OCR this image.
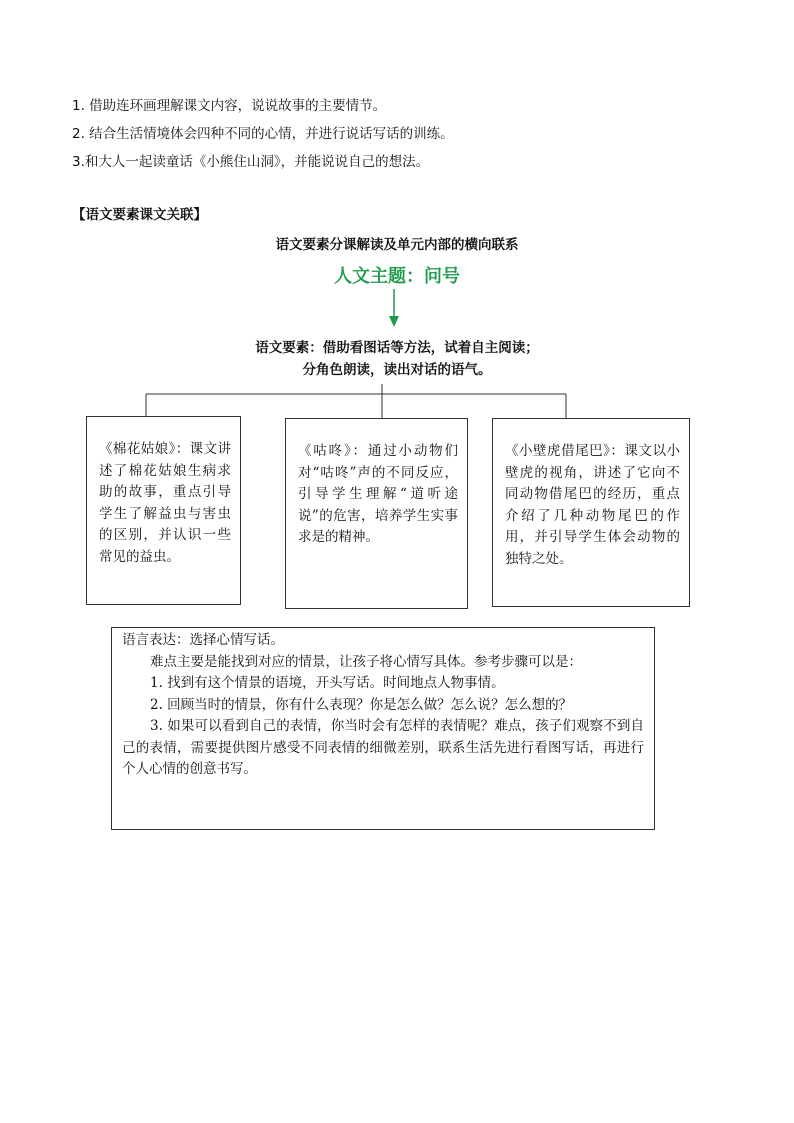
1. 借助连环画理解课文内容，说说故事的主要情节。
2. 结合生活情境体会四种不同的心情，并进行说话写话的训练。
3.和大人一起读童话《小熊住山洞》，并能说说自己的想法。
【语文要素课文关联】
语文要素分课解读及单元内部的横向联系
人文主题：问号
语文要素：借助看图话等方法，试着自主阅读；
分角色朗读，读出对话的语气。
《棉花姑娘》：课文讲述了棉花姑娘生病求助的故事，重点引导学生了解益虫与害虫的区别，并认识一些常见的益虫。
《咕咚》：通过小动物们对“咕咚”声的不同反应，引导学生理解“道听途说”的危害，培养学生实事求是的精神。
《小壁虎借尾巴》：课文以小壁虎的视角，讲述了它向不同动物借尾巴的经历，重点介绍了几种动物尾巴的作用，并引导学生体会动物的独特之处。

语言表达：选择心情写话。

难点主要是能找到对应的情景，让孩子将心情写具体。参考步骤可以是：

1. 找到有这个情景的语境，开头写话。时间地点人物事情。

2. 回顾当时的情景，你有什么表现？你是怎么做？怎么说？怎么想的？

3. 如果可以看到自己的表情，你当时会有怎样的表情呢？难点，孩子们观察不到自己的表情，需要提供图片感受不同表情的细微差别，联系生活先进行看图写话，再进行个人心情的创意书写。
